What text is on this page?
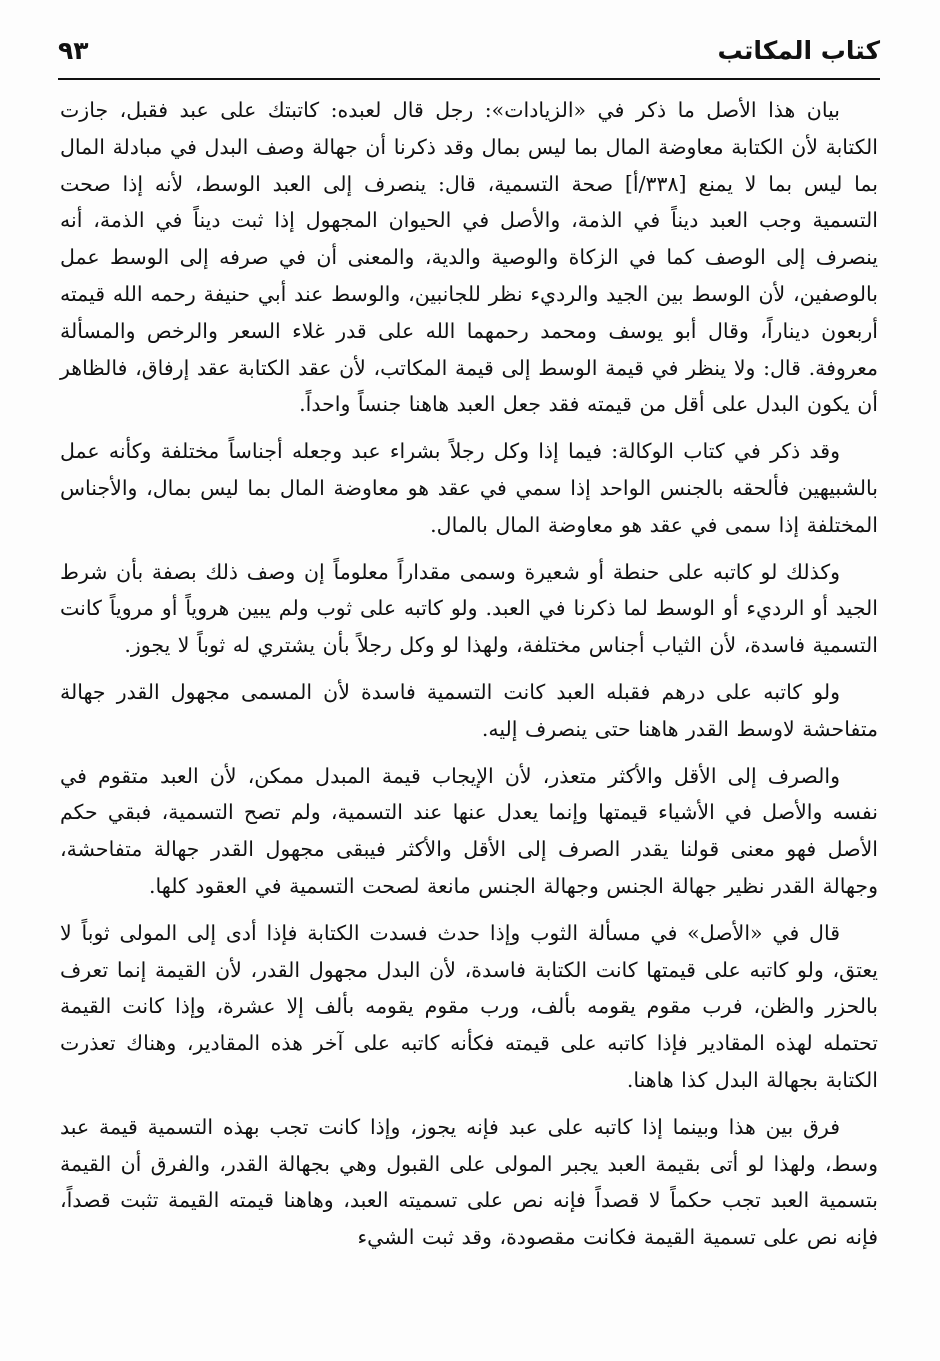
كتاب المكاتب
٩٣

بيان هذا الأصل ما ذكر في «الزيادات»: رجل قال لعبده: كاتبتك على عبد فقبل، جازت الكتابة لأن الكتابة معاوضة المال بما ليس بمال وقد ذكرنا أن جهالة وصف البدل في مبادلة المال بما ليس بما لا يمنع [٣٣٨/أ] صحة التسمية، قال: ينصرف إلى العبد الوسط، لأنه إذا صحت التسمية وجب العبد ديناً في الذمة، والأصل في الحيوان المجهول إذا ثبت ديناً في الذمة، أنه ينصرف إلى الوصف كما في الزكاة والوصية والدية، والمعنى أن في صرفه إلى الوسط عمل بالوصفين، لأن الوسط بين الجيد والرديء نظر للجانبين، والوسط عند أبي حنيفة رحمه الله قيمته أربعون ديناراً، وقال أبو يوسف ومحمد رحمهما الله على قدر غلاء السعر والرخص والمسألة معروفة. قال: ولا ينظر في قيمة الوسط إلى قيمة المكاتب، لأن عقد الكتابة عقد إرفاق، فالظاهر أن يكون البدل على أقل من قيمته فقد جعل العبد هاهنا جنساً واحداً.

وقد ذكر في كتاب الوكالة: فيما إذا وكل رجلاً بشراء عبد وجعله أجناساً مختلفة وكأنه عمل بالشبيهين فألحقه بالجنس الواحد إذا سمي في عقد هو معاوضة المال بما ليس بمال، والأجناس المختلفة إذا سمى في عقد هو معاوضة المال بالمال.

وكذلك لو كاتبه على حنطة أو شعيرة وسمى مقداراً معلوماً إن وصف ذلك بصفة بأن شرط الجيد أو الرديء أو الوسط لما ذكرنا في العبد. ولو كاتبه على ثوب ولم يبين هروياً أو مروياً كانت التسمية فاسدة، لأن الثياب أجناس مختلفة، ولهذا لو وكل رجلاً بأن يشتري له ثوباً لا يجوز.

ولو كاتبه على درهم فقبله العبد كانت التسمية فاسدة لأن المسمى مجهول القدر جهالة متفاحشة لاوسط القدر هاهنا حتى ينصرف إليه.

والصرف إلى الأقل والأكثر متعذر، لأن الإيجاب قيمة المبدل ممكن، لأن العبد متقوم في نفسه والأصل في الأشياء قيمتها وإنما يعدل عنها عند التسمية، ولم تصح التسمية، فبقي حكم الأصل فهو معنى قولنا يقدر الصرف إلى الأقل والأكثر فيبقى مجهول القدر جهالة متفاحشة، وجهالة القدر نظير جهالة الجنس وجهالة الجنس مانعة لصحت التسمية في العقود كلها.

قال في «الأصل» في مسألة الثوب وإذا حدث فسدت الكتابة فإذا أدى إلى المولى ثوباً لا يعتق، ولو كاتبه على قيمتها كانت الكتابة فاسدة، لأن البدل مجهول القدر، لأن القيمة إنما تعرف بالحزر والظن، فرب مقوم يقومه بألف، ورب مقوم يقومه بألف إلا عشرة، وإذا كانت القيمة تحتمله لهذه المقادير فإذا كاتبه على قيمته فكأنه كاتبه على آخر هذه المقادير، وهناك تعذرت الكتابة بجهالة البدل كذا هاهنا.

فرق بين هذا وبينما إذا كاتبه على عبد فإنه يجوز، وإذا كانت تجب بهذه التسمية قيمة عبد وسط، ولهذا لو أتى بقيمة العبد يجبر المولى على القبول وهي بجهالة القدر، والفرق أن القيمة بتسمية العبد تجب حكماً لا قصداً فإنه نص على تسميته العبد، وهاهنا قيمته القيمة تثبت قصداً، فإنه نص على تسمية القيمة فكانت مقصودة، وقد ثبت الشيء
